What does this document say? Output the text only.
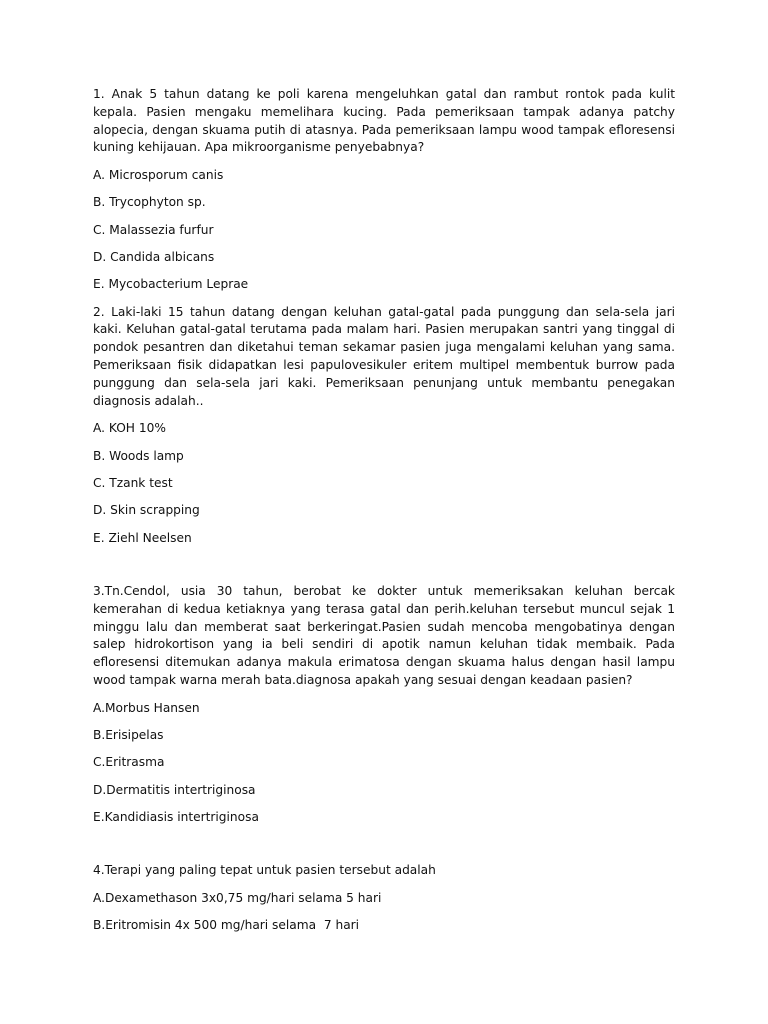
1. Anak 5 tahun datang ke poli karena mengeluhkan gatal dan rambut rontok pada kulit kepala. Pasien mengaku memelihara kucing. Pada pemeriksaan tampak adanya patchy alopecia, dengan skuama putih di atasnya. Pada pemeriksaan lampu wood tampak efloresensi kuning kehijauan. Apa mikroorganisme penyebabnya?

A. Microsporum canis

B. Trycophyton sp.

C. Malassezia furfur

D. Candida albicans

E. Mycobacterium Leprae

2. Laki-laki 15 tahun datang dengan keluhan gatal-gatal pada punggung dan sela-sela jari kaki. Keluhan gatal-gatal terutama pada malam hari. Pasien merupakan santri yang tinggal di pondok pesantren dan diketahui teman sekamar pasien juga mengalami keluhan yang sama. Pemeriksaan fisik didapatkan lesi papulovesikuler eritem multipel membentuk burrow pada punggung dan sela-sela jari kaki. Pemeriksaan penunjang untuk membantu penegakan diagnosis adalah..

A. KOH 10%

B. Woods lamp

C. Tzank test

D. Skin scrapping

E. Ziehl Neelsen

3.Tn.Cendol, usia 30 tahun, berobat ke dokter untuk memeriksakan keluhan bercak kemerahan di kedua ketiaknya yang terasa gatal dan perih.keluhan tersebut muncul sejak 1 minggu lalu dan memberat saat berkeringat.Pasien sudah mencoba mengobatinya dengan salep hidrokortison yang ia beli sendiri di apotik namun keluhan tidak membaik. Pada efloresensi ditemukan adanya makula erimatosa dengan skuama halus dengan hasil lampu wood tampak warna merah bata.diagnosa apakah yang sesuai dengan keadaan pasien?

A.Morbus Hansen

B.Erisipelas

C.Eritrasma

D.Dermatitis intertriginosa

E.Kandidiasis intertriginosa

4.Terapi yang paling tepat untuk pasien tersebut adalah

A.Dexamethason 3x0,75 mg/hari selama 5 hari

B.Eritromisin 4x 500 mg/hari selama  7 hari
